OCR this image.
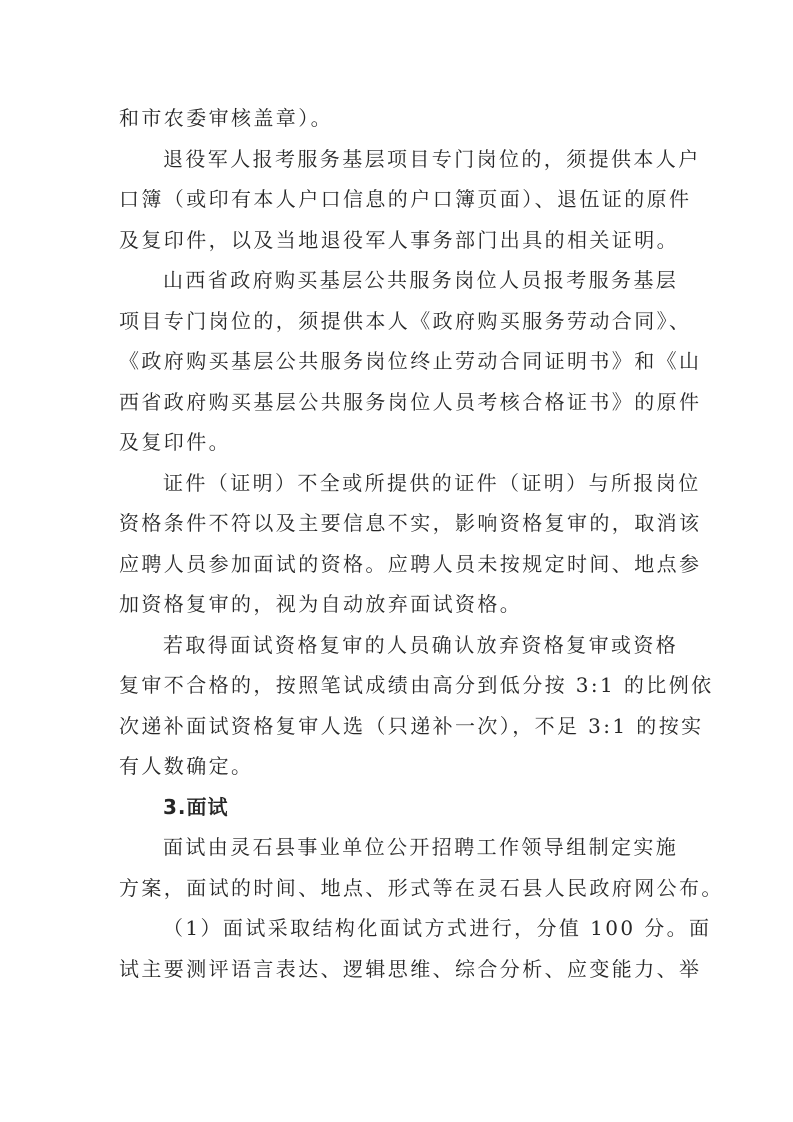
和市农委审核盖章）。
退役军人报考服务基层项目专门岗位的，须提供本人户
口簿（或印有本人户口信息的户口簿页面）、退伍证的原件
及复印件，以及当地退役军人事务部门出具的相关证明。
山西省政府购买基层公共服务岗位人员报考服务基层
项目专门岗位的，须提供本人《政府购买服务劳动合同》、
《政府购买基层公共服务岗位终止劳动合同证明书》和《山
西省政府购买基层公共服务岗位人员考核合格证书》的原件
及复印件。
证件（证明）不全或所提供的证件（证明）与所报岗位
资格条件不符以及主要信息不实，影响资格复审的，取消该
应聘人员参加面试的资格。应聘人员未按规定时间、地点参
加资格复审的，视为自动放弃面试资格。
若取得面试资格复审的人员确认放弃资格复审或资格
复审不合格的，按照笔试成绩由高分到低分按 3:1 的比例依
次递补面试资格复审人选（只递补一次），不足 3:1 的按实
有人数确定。
3.面试
面试由灵石县事业单位公开招聘工作领导组制定实施
方案，面试的时间、地点、形式等在灵石县人民政府网公布。
（1）面试采取结构化面试方式进行，分值 100 分。面
试主要测评语言表达、逻辑思维、综合分析、应变能力、举
